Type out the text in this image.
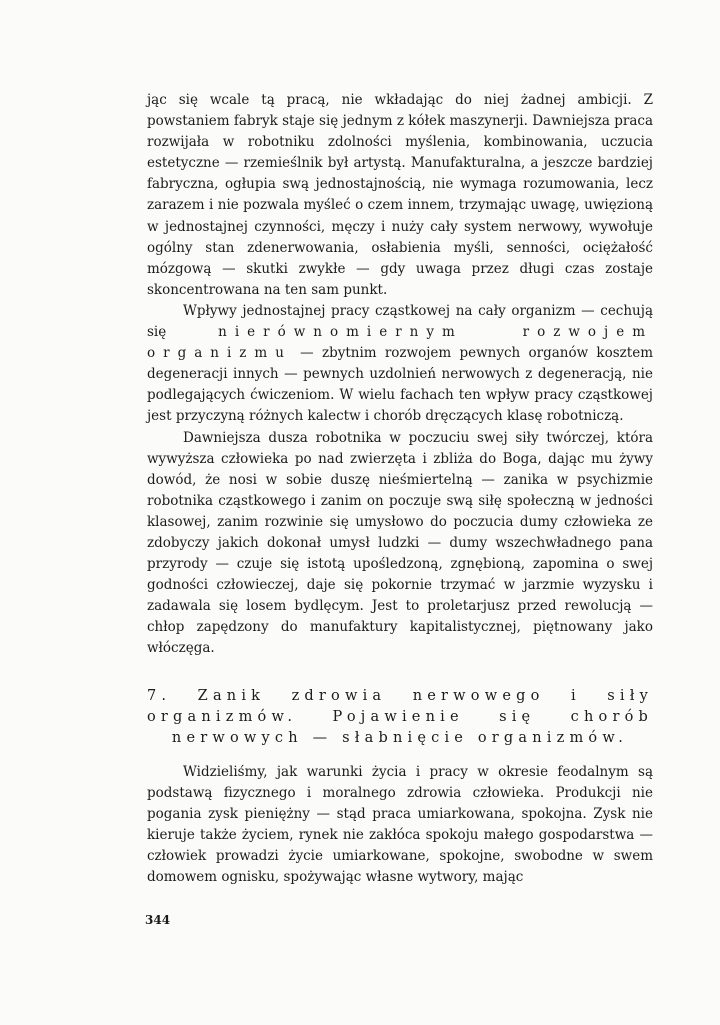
jąc się wcale tą pracą, nie wkładając do niej żadnej ambicji. Z powstaniem fabryk staje się jednym z kółek maszynerji. Dawniejsza praca rozwijała w robotniku zdolności myślenia, kombinowania, uczucia estetyczne — rzemieślnik był artystą. Manufakturalna, a jeszcze bardziej fabryczna, ogłupia swą jednostajnością, nie wymaga rozumowania, lecz zarazem i nie pozwala myśleć o czem innem, trzymając uwagę, uwięzioną w jednostajnej czynności, męczy i nuży cały system nerwowy, wywołuje ogólny stan zdenerwowania, osłabienia myśli, senności, ociężałość mózgową — skutki zwykłe — gdy uwaga przez długi czas zostaje skoncentrowana na ten sam punkt.

Wpływy jednostajnej pracy cząstkowej na cały organizm — cechują się nierównomiernym rozwojem organizmu — zbytnim rozwojem pewnych organów kosztem degeneracji innych — pewnych uzdolnień nerwowych z degeneracją, nie podlegających ćwiczeniom. W wielu fachach ten wpływ pracy cząstkowej jest przyczyną różnych kalectw i chorób dręczących klasę robotniczą.

Dawniejsza dusza robotnika w poczuciu swej siły twórczej, która wywyższa człowieka po nad zwierzęta i zbliża do Boga, dając mu żywy dowód, że nosi w sobie duszę nieśmiertelną — zanika w psychizmie robotnika cząstkowego i zanim on poczuje swą siłę społeczną w jedności klasowej, zanim rozwinie się umysłowo do poczucia dumy człowieka ze zdobyczy jakich dokonał umysł ludzki — dumy wszechwładnego pana przyrody — czuje się istotą upośledzoną, zgnębioną, zapomina o swej godności człowieczej, daje się pokornie trzymać w jarzmie wyzysku i zadawala się losem bydlęcym. Jest to proletarjusz przed rewolucją — chłop zapędzony do manufaktury kapitalistycznej, piętnowany jako włóczęga.

7. Zanik zdrowia nerwowego i siły organizmów. Pojawienie się chorób nerwowych — słabnięcie organizmów.

Widzieliśmy, jak warunki życia i pracy w okresie feodalnym są podstawą fizycznego i moralnego zdrowia człowieka. Produkcji nie pogania zysk pieniężny — stąd praca umiarkowana, spokojna. Zysk nie kieruje także życiem, rynek nie zakłóca spokoju małego gospodarstwa — człowiek prowadzi życie umiarkowane, spokojne, swobodne w swem domowem ognisku, spożywając własne wytwory, mając

344
